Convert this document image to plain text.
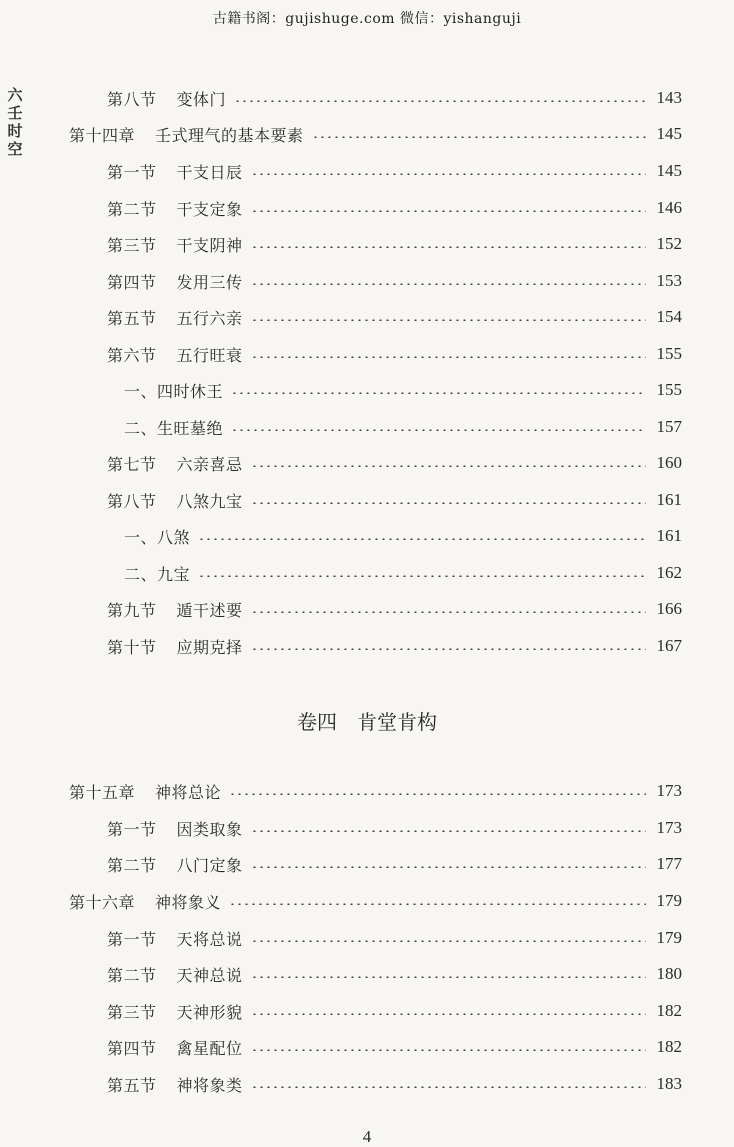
古籍书阁：gujishuge.com 微信：yishanguji
六
壬
时
空
第八节 变体门	143
第十四章 壬式理气的基本要素	145
第一节 干支日辰	145
第二节 干支定象	146
第三节 干支阴神	152
第四节 发用三传	153
第五节 五行六亲	154
第六节 五行旺衰	155
一、四时休王	155
二、生旺墓绝	157
第七节 六亲喜忌	160
第八节 八煞九宝	161
一、八煞	161
二、九宝	162
第九节 遁干述要	166
第十节 应期克择	167
第十五章 神将总论	173
第一节 因类取象	173
第二节 八门定象	177
第十六章 神将象义	179
第一节 天将总说	179
第二节 天神总说	180
第三节 天神形貌	182
第四节 禽星配位	182
第五节 神将象类	183
卷四　肯堂肯构
4
